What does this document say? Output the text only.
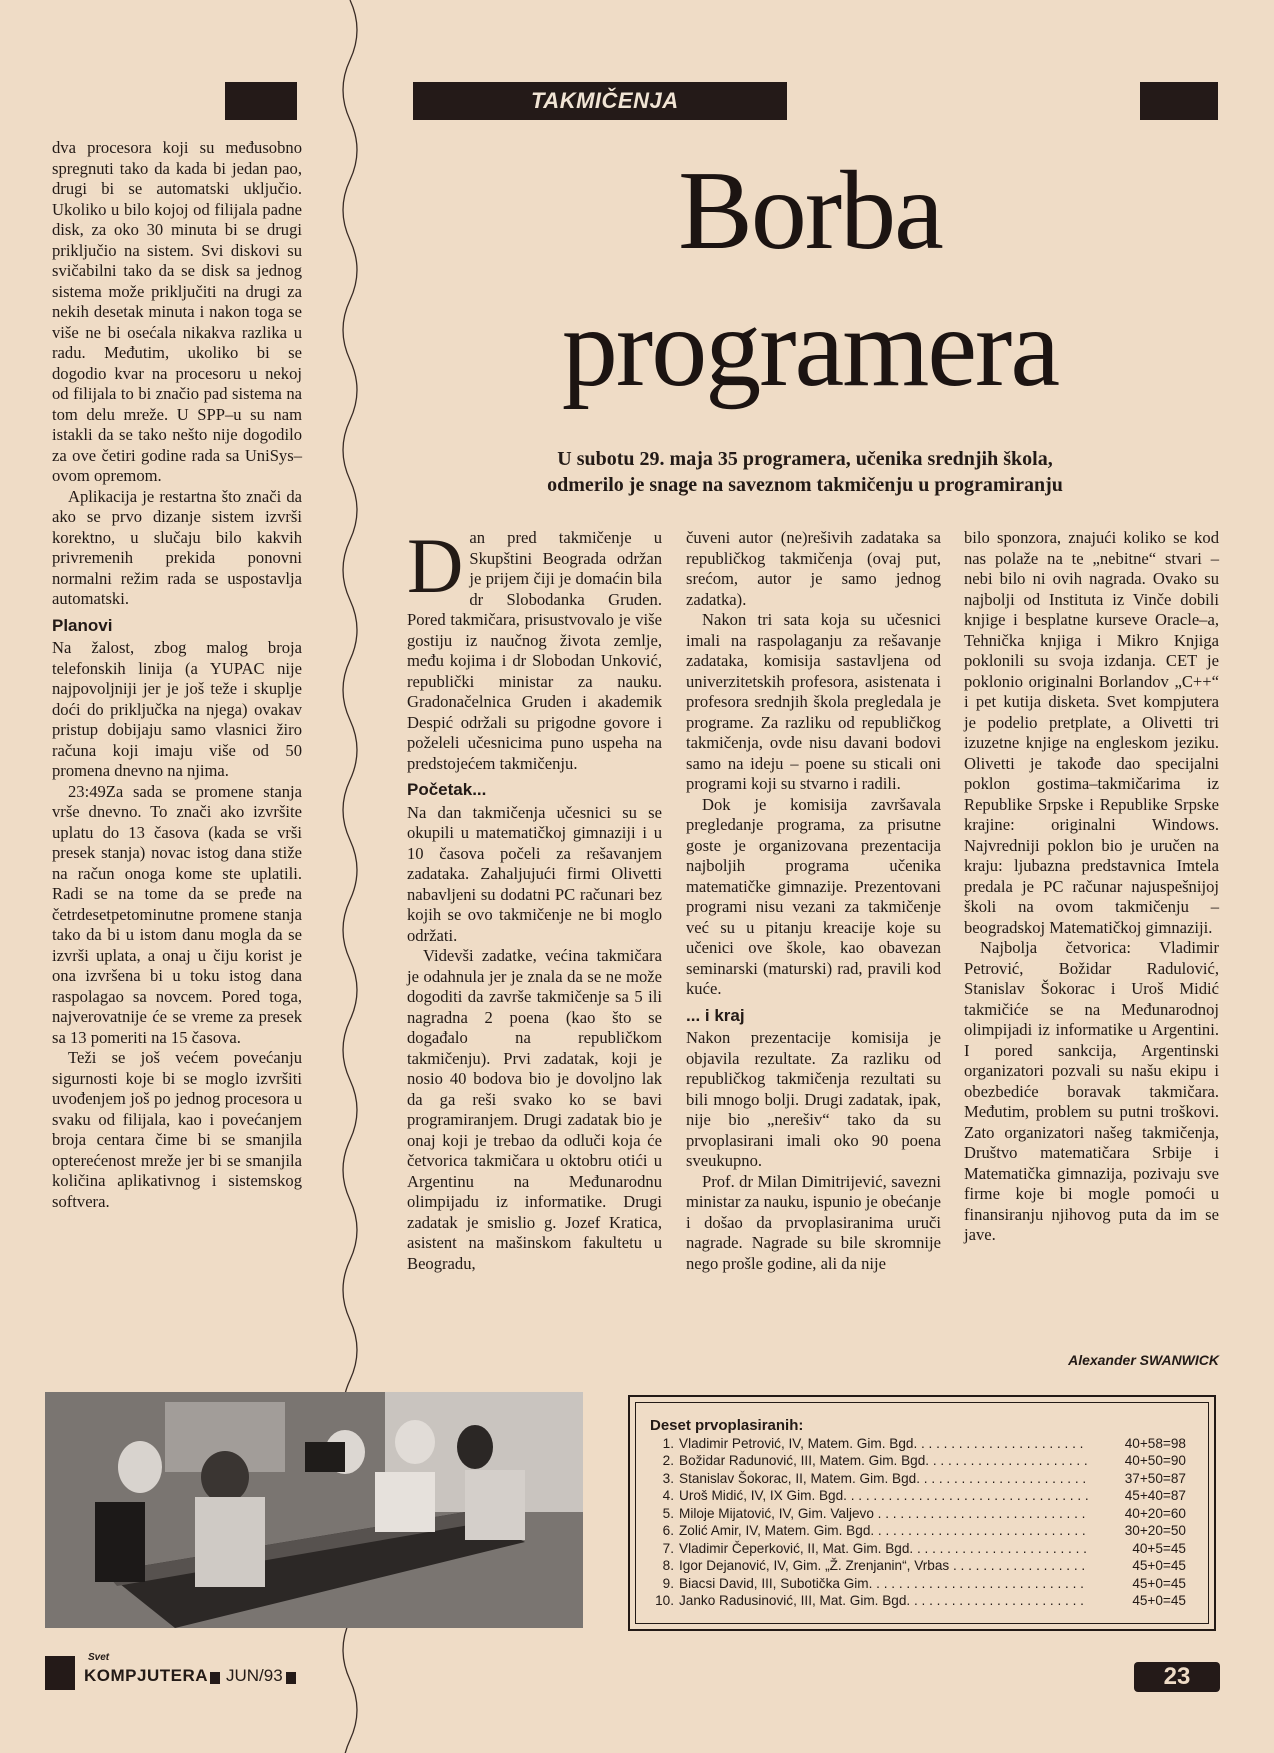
TAKMIČENJA

dva procesora koji su međusobno spregnuti tako da kada bi jedan pao, drugi bi se automatski uključio. Ukoliko u bilo kojoj od filijala padne disk, za oko 30 minuta bi se drugi priključio na sistem. Svi diskovi su svičabilni tako da se disk sa jednog sistema može priključiti na drugi za nekih desetak minuta i nakon toga se više ne bi osećala nikakva razlika u radu. Međutim, ukoliko bi se dogodio kvar na procesoru u nekoj od filijala to bi značio pad sistema na tom delu mreže. U SPP–u su nam istakli da se tako nešto nije dogodilo za ove četiri godine rada sa UniSys–ovom opremom.

Aplikacija je restartna što znači da ako se prvo dizanje sistem izvrši korektno, u slučaju bilo kakvih privremenih prekida ponovni normalni režim rada se uspostavlja automatski.

Planovi

Na žalost, zbog malog broja telefonskih linija (a YUPAC nije najpovoljniji jer je još teže i skuplje doći do priključka na njega) ovakav pristup dobijaju samo vlasnici žiro računa koji imaju više od 50 promena dnevno na njima.

23:49Za sada se promene stanja vrše dnevno. To znači ako izvršite uplatu do 13 časova (kada se vrši presek stanja) novac istog dana stiže na račun onoga kome ste uplatili. Radi se na tome da se pređe na četrdesetpetominutne promene stanja tako da bi u istom danu mogla da se izvrši uplata, a onaj u čiju korist je ona izvršena bi u toku istog dana raspolagao sa novcem. Pored toga, najverovatnije će se vreme za presek sa 13 pomeriti na 15 časova.

Teži se još većem povećanju sigurnosti koje bi se moglo izvršiti uvođenjem još po jednog procesora u svaku od filijala, kao i povećanjem broja centara čime bi se smanjila opterećenost mreže jer bi se smanjila količina aplikativnog i sistemskog softvera.

Borba
programera
U subotu 29. maja 35 programera, učenika srednjih škola, odmerilo je snage na saveznom takmičenju u programiranju
D an pred takmičenje u Skupštini Beograda održan je prijem čiji je domaćin bila dr Slobodanka Gruden. Pored takmičara, prisustvovalo je više gostiju iz naučnog života zemlje, među kojima i dr Slobodan Unković, republički ministar za nauku. Gradonačelnica Gruden i akademik Despić održali su prigodne govore i poželeli učesnicima puno uspeha na predstojećem takmičenju.

Početak...

Na dan takmičenja učesnici su se okupili u matematičkoj gimnaziji i u 10 časova počeli za rešavanjem zadataka. Zahaljujući firmi Olivetti nabavljeni su dodatni PC računari bez kojih se ovo takmičenje ne bi moglo održati.

Videvši zadatke, većina takmičara je odahnula jer je znala da se ne može dogoditi da završe takmičenje sa 5 ili nagradna 2 poena (kao što se događalo na republičkom takmičenju). Prvi zadatak, koji je nosio 40 bodova bio je dovoljno lak da ga reši svako ko se bavi programiranjem. Drugi zadatak bio je onaj koji je trebao da odluči koja će četvorica takmičara u oktobru otići u Argentinu na Međunarodnu olimpijadu iz informatike. Drugi zadatak je smislio g. Jozef Kratica, asistent na mašinskom fakultetu u Beogradu,

čuveni autor (ne)rešivih zadataka sa republičkog takmičenja (ovaj put, srećom, autor je samo jednog zadatka).

Nakon tri sata koja su učesnici imali na raspolaganju za rešavanje zadataka, komisija sastavljena od univerzitetskih profesora, asistenata i profesora srednjih škola pregledala je programe. Za razliku od republičkog takmičenja, ovde nisu davani bodovi samo na ideju – poene su sticali oni programi koji su stvarno i radili.

Dok je komisija završavala pregledanje programa, za prisutne goste je organizovana prezentacija najboljih programa učenika matematičke gimnazije. Prezentovani programi nisu vezani za takmičenje već su u pitanju kreacije koje su učenici ove škole, kao obavezan seminarski (maturski) rad, pravili kod kuće.

... i kraj

Nakon prezentacije komisija je objavila rezultate. Za razliku od republičkog takmičenja rezultati su bili mnogo bolji. Drugi zadatak, ipak, nije bio „nerešiv“ tako da su prvoplasirani imali oko 90 poena sveukupno.

Prof. dr Milan Dimitrijević, savezni ministar za nauku, ispunio je obećanje i došao da prvoplasiranima uruči nagrade. Nagrade su bile skromnije nego prošle godine, ali da nije

bilo sponzora, znajući koliko se kod nas polaže na te „nebitne“ stvari – nebi bilo ni ovih nagrada. Ovako su najbolji od Instituta iz Vinče dobili knjige i besplatne kurseve Oracle–a, Tehnička knjiga i Mikro Knjiga poklonili su svoja izdanja. CET je poklonio originalni Borlandov „C++“ i pet kutija disketa. Svet kompjutera je podelio pretplate, a Olivetti tri izuzetne knjige na engleskom jeziku. Olivetti je takođe dao specijalni poklon gostima–takmičarima iz Republike Srpske i Republike Srpske krajine: originalni Windows. Najvredniji poklon bio je uručen na kraju: ljubazna predstavnica Imtela predala je PC računar najuspešnijoj školi na ovom takmičenju – beogradskoj Matematičkoj gimnaziji.

Najbolja četvorica: Vladimir Petrović, Božidar Radulović, Stanislav Šokorac i Uroš Midić takmičiće se na Međunarodnoj olimpijadi iz informatike u Argentini. I pored sankcija, Argentinski organizatori pozvali su našu ekipu i obezbediće boravak takmičara. Međutim, problem su putni troškovi. Zato organizatori našeg takmičenja, Društvo matematičara Srbije i Matematička gimnazija, pozivaju sve firme koje bi mogle pomoći u finansiranju njihovog puta da im se jave.

Alexander SWANWICK
Deset prvoplasiranih:
1. Vladimir Petrović, IV, Matem. Gim. Bgd. . . .	40+58=98
2. Božidar Radunović, III, Matem. Gim. Bgd. . . .	40+50=90
3. Stanislav Šokorac, II, Matem. Gim. Bgd. . . .	37+50=87
4. Uroš Midić, IV, IX Gim. Bgd. . . .	45+40=87
5. Miloje Mijatović, IV, Gim. Valjevo . . .	40+20=60
6. Zolić Amir, IV, Matem. Gim. Bgd. . . .	30+20=50
7. Vladimir Čeperković, II, Mat. Gim. Bgd. . . .	40+5=45
8. Igor Dejanović, IV, Gim. „Ž. Zrenjanin“, Vrbas . . .	45+0=45
9. Biacsi David, III, Subotička Gim. . . .	45+0=45
10. Janko Radusinović, III, Mat. Gim. Bgd. . . .	45+0=45
Svet
KOMPJUTERA JUN/93	23
